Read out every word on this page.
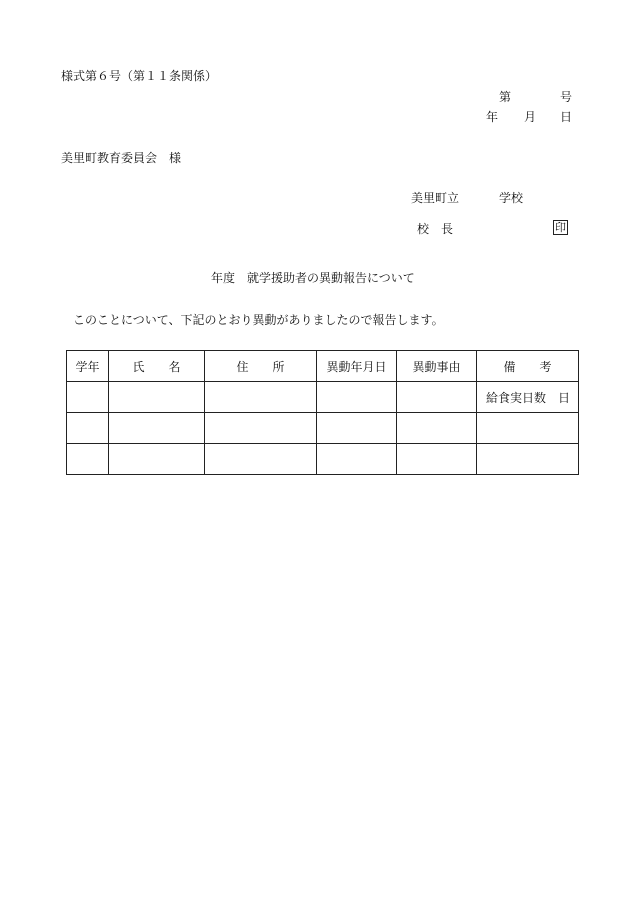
様式第６号（第１１条関係）
第	号
年 月 日
美里町教育委員会　様
美里町立	学校
校　長	印
年度　就学援助者の異動報告について
このことについて、下記のとおり異動がありましたので報告します。
学年	氏　　名	住　　所	異動年月日	異動事由	備　　考
					給食実日数　日
